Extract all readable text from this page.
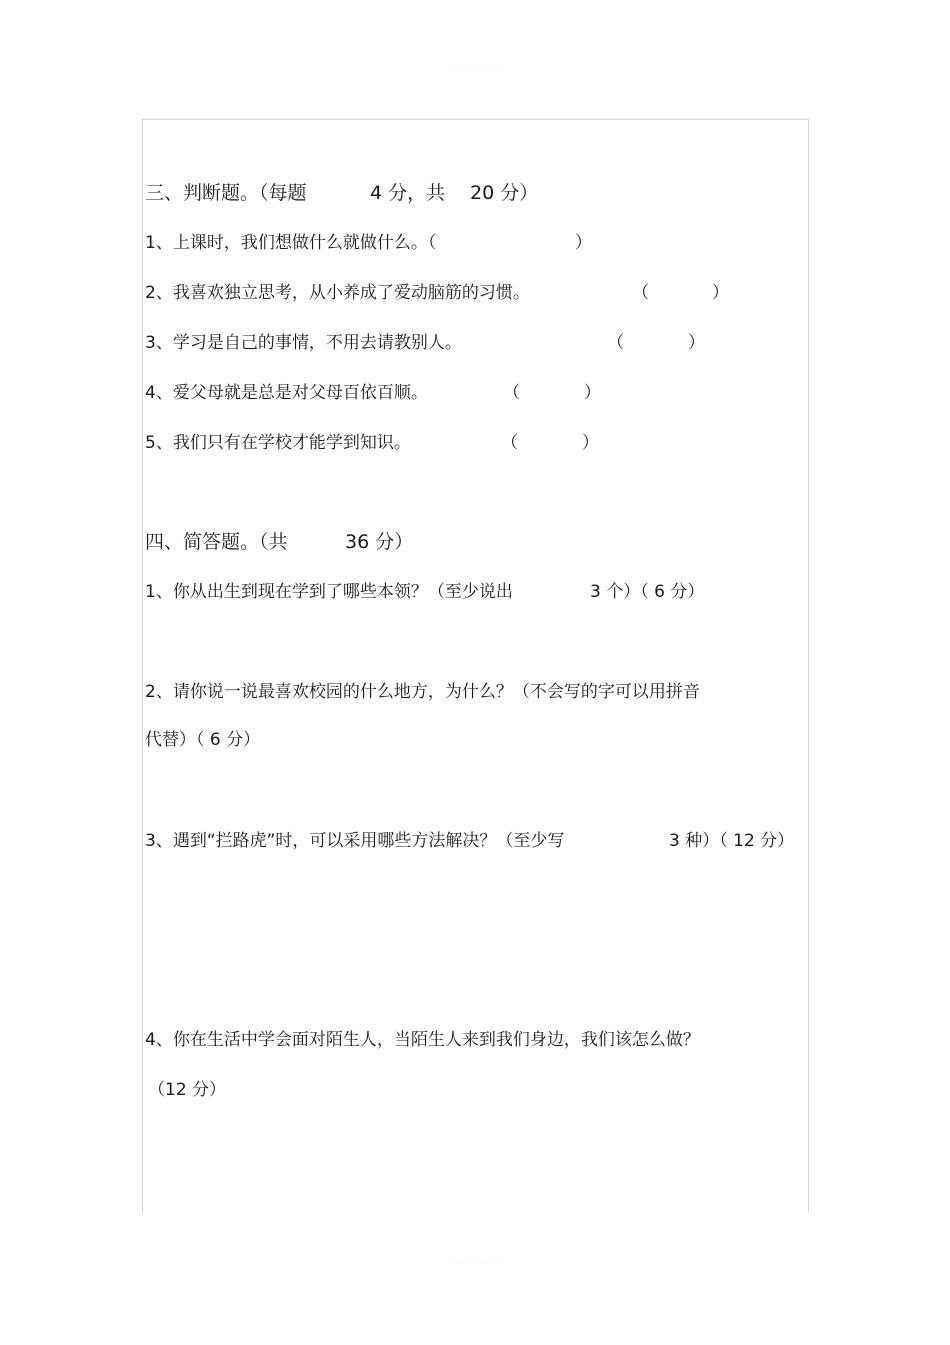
. . . . . . . . .
三、判断题。（每题	4 分，共 20 分）
1、上课时，我们想做什么就做什么。（	）
2、我喜欢独立思考，从小养成了爱动脑筋的习惯。	（	）
3、学习是自己的事情，不用去请教别人。	（	）
4、爱父母就是总是对父母百依百顺。	（	）
5、我们只有在学校才能学到知识。	（	）
四、简答题。（共	36 分）
1、你从出生到现在学到了哪些本领？（至少说出	3 个）（ 6 分）
2、请你说一说最喜欢校园的什么地方，为什么？（不会写的字可以用拼音
代替）（ 6 分）
3、遇到“拦路虎”时，可以采用哪些方法解决？（至少写	3 种）（ 12 分）
4、你在生活中学会面对陌生人，当陌生人来到我们身边，我们该怎么做？
（12 分）
. . . . . . . . .
